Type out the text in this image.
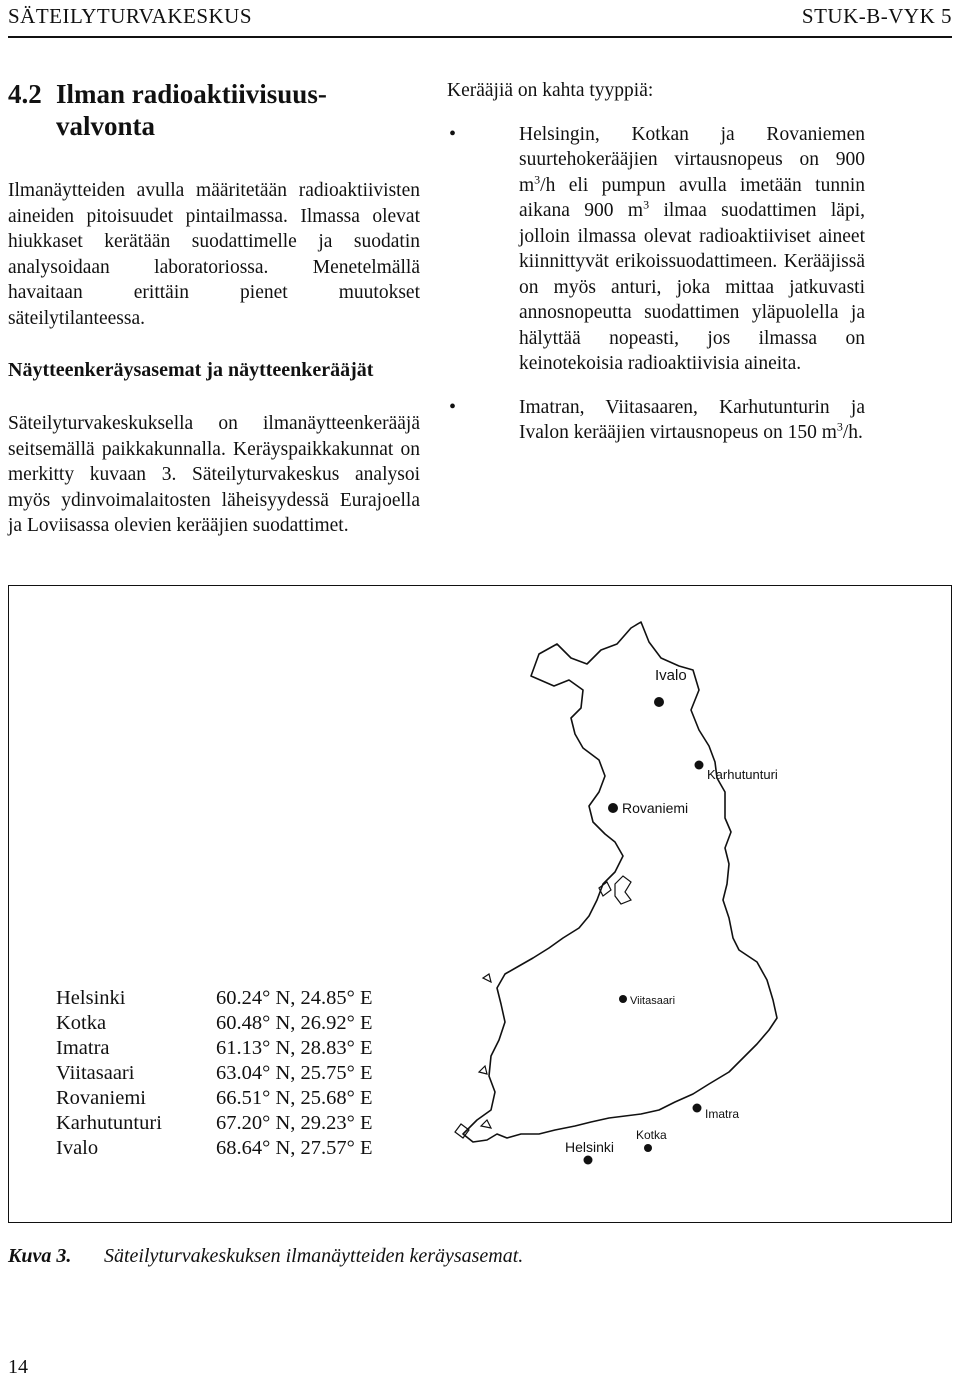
SÄTEILYTURVAKESKUS	STUK-B-VYK 5
4.2 Ilman radioaktiivisuus-valvonta

Ilmanäytteiden avulla määritetään radioaktiivisten aineiden pitoisuudet pintailmassa. Ilmassa olevat hiukkaset kerätään suodattimelle ja suodatin analysoidaan laboratoriossa. Menetelmällä havaitaan erittäin pienet muutokset säteilytilanteessa.

Näytteenkeräysasemat ja näytteenkerääjät

Säteilyturvakeskuksella on ilmanäytteenkerääjä seitsemällä paikkakunnalla. Keräyspaikkakunnat on merkitty kuvaan 3. Säteilyturvakeskus analysoi myös ydinvoimalaitosten läheisyydessä Eurajoella ja Loviisassa olevien kerääjien suodattimet.

Kerääjiä on kahta tyyppiä:

•	Helsingin, Kotkan ja Rovaniemen suurtehokerääjien virtausnopeus on 900 $m^3/h$ eli pumpun avulla imetään tunnin aikana 900 $m^3$ ilmaa suodattimen läpi, jolloin ilmassa olevat radioaktiiviset aineet kiinnittyvät erikoissuodattimeen. Kerääjissä on myös anturi, joka mittaa jatkuvasti annosnopeutta suodattimen yläpuolella ja hälyttää nopeasti, jos ilmassa on keinotekoisia radioaktiivisia aineita.
•	Imatran, Viitasaaren, Karhutunturin ja Ivalon kerääjien virtausnopeus on 150 $m^3/h$.
Ivalo
Karhutunturi
Rovaniemi
Viitasaari
Imatra
Kotka
Helsinki
Helsinki	60.24° N, 24.85° E
Kotka	60.48° N, 26.92° E
Imatra	61.13° N, 28.83° E
Viitasaari	63.04° N, 25.75° E
Rovaniemi	66.51° N, 25.68° E
Karhutunturi	67.20° N, 29.23° E
Ivalo	68.64° N, 27.57° E
Kuva 3. Säteilyturvakeskuksen ilmanäytteiden keräysasemat.
14
